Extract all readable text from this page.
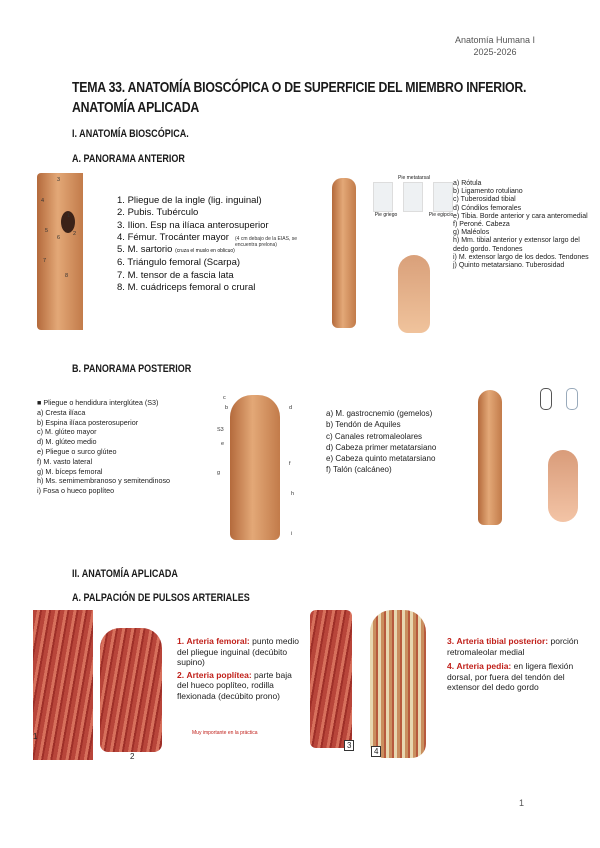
Anatomía Humana I
2025-2026
TEMA 33. ANATOMÍA BIOSCÓPICA O DE SUPERFICIE DEL MIEMBRO INFERIOR.
ANATOMÍA APLICADA
I. ANATOMÍA BIOSCÓPICA.
A. PANORAMA ANTERIOR
3
1
2
4
5
6
7
8
1. Pliegue de la ingle (lig. inguinal)
2. Pubis. Tubérculo
3. Ilion. Esp na ilíaca anterosuperior
4. Fémur. Trocánter mayor
5. M. sartorio (cruza el muslo en oblicuo)
6. Triángulo femoral (Scarpa)
7. M. tensor de a fascia lata
8. M. cuádriceps femoral o crural
(4 cm debajo de la EIAS, se encuentra prelona)
Pie metatarsal
Pie griego	Pie egipcio
a) Rótula
b) Ligamento rotuliano
c) Tuberosidad tibial
d) Cóndilos femorales
e) Tibia. Borde anterior y cara anteromedial
f) Peroné. Cabeza
g) Maléolos
h) Mm. tibial anterior y extensor largo del dedo gordo. Tendones
i) M. extensor largo de los dedos. Tendones
j) Quinto metatarsiano. Tuberosidad
B. PANORAMA POSTERIOR
■ Pliegue o hendidura interglútea (S3)
a) Cresta ilíaca
b) Espina ilíaca posterosuperior
c) M. glúteo mayor
d) M. glúteo medio
e) Pliegue o surco glúteo
f) M. vasto lateral
g) M. bíceps femoral
h) Ms. semimembranoso y semitendinoso
i) Fosa o hueco poplíteo
c
b	d
S3
e
f
g
h
i
a) M. gastrocnemio (gemelos)
b) Tendón de Aquiles
c) Canales retromaleolares
d) Cabeza primer metatarsiano
e) Cabeza quinto metatarsiano
f) Talón (calcáneo)
II. ANATOMÍA APLICADA
A. PALPACIÓN DE PULSOS ARTERIALES
1
2
1. Arteria femoral: punto medio del pliegue inguinal (decúbito supino)
2. Arteria poplítea: parte baja del hueco poplíteo, rodilla flexionada (decúbito prono)
Muy importante en la práctica
3
4
3. Arteria tibial posterior: porción retromaleolar medial
4. Arteria pedia: en ligera flexión dorsal, por fuera del tendón del extensor del dedo gordo
1
